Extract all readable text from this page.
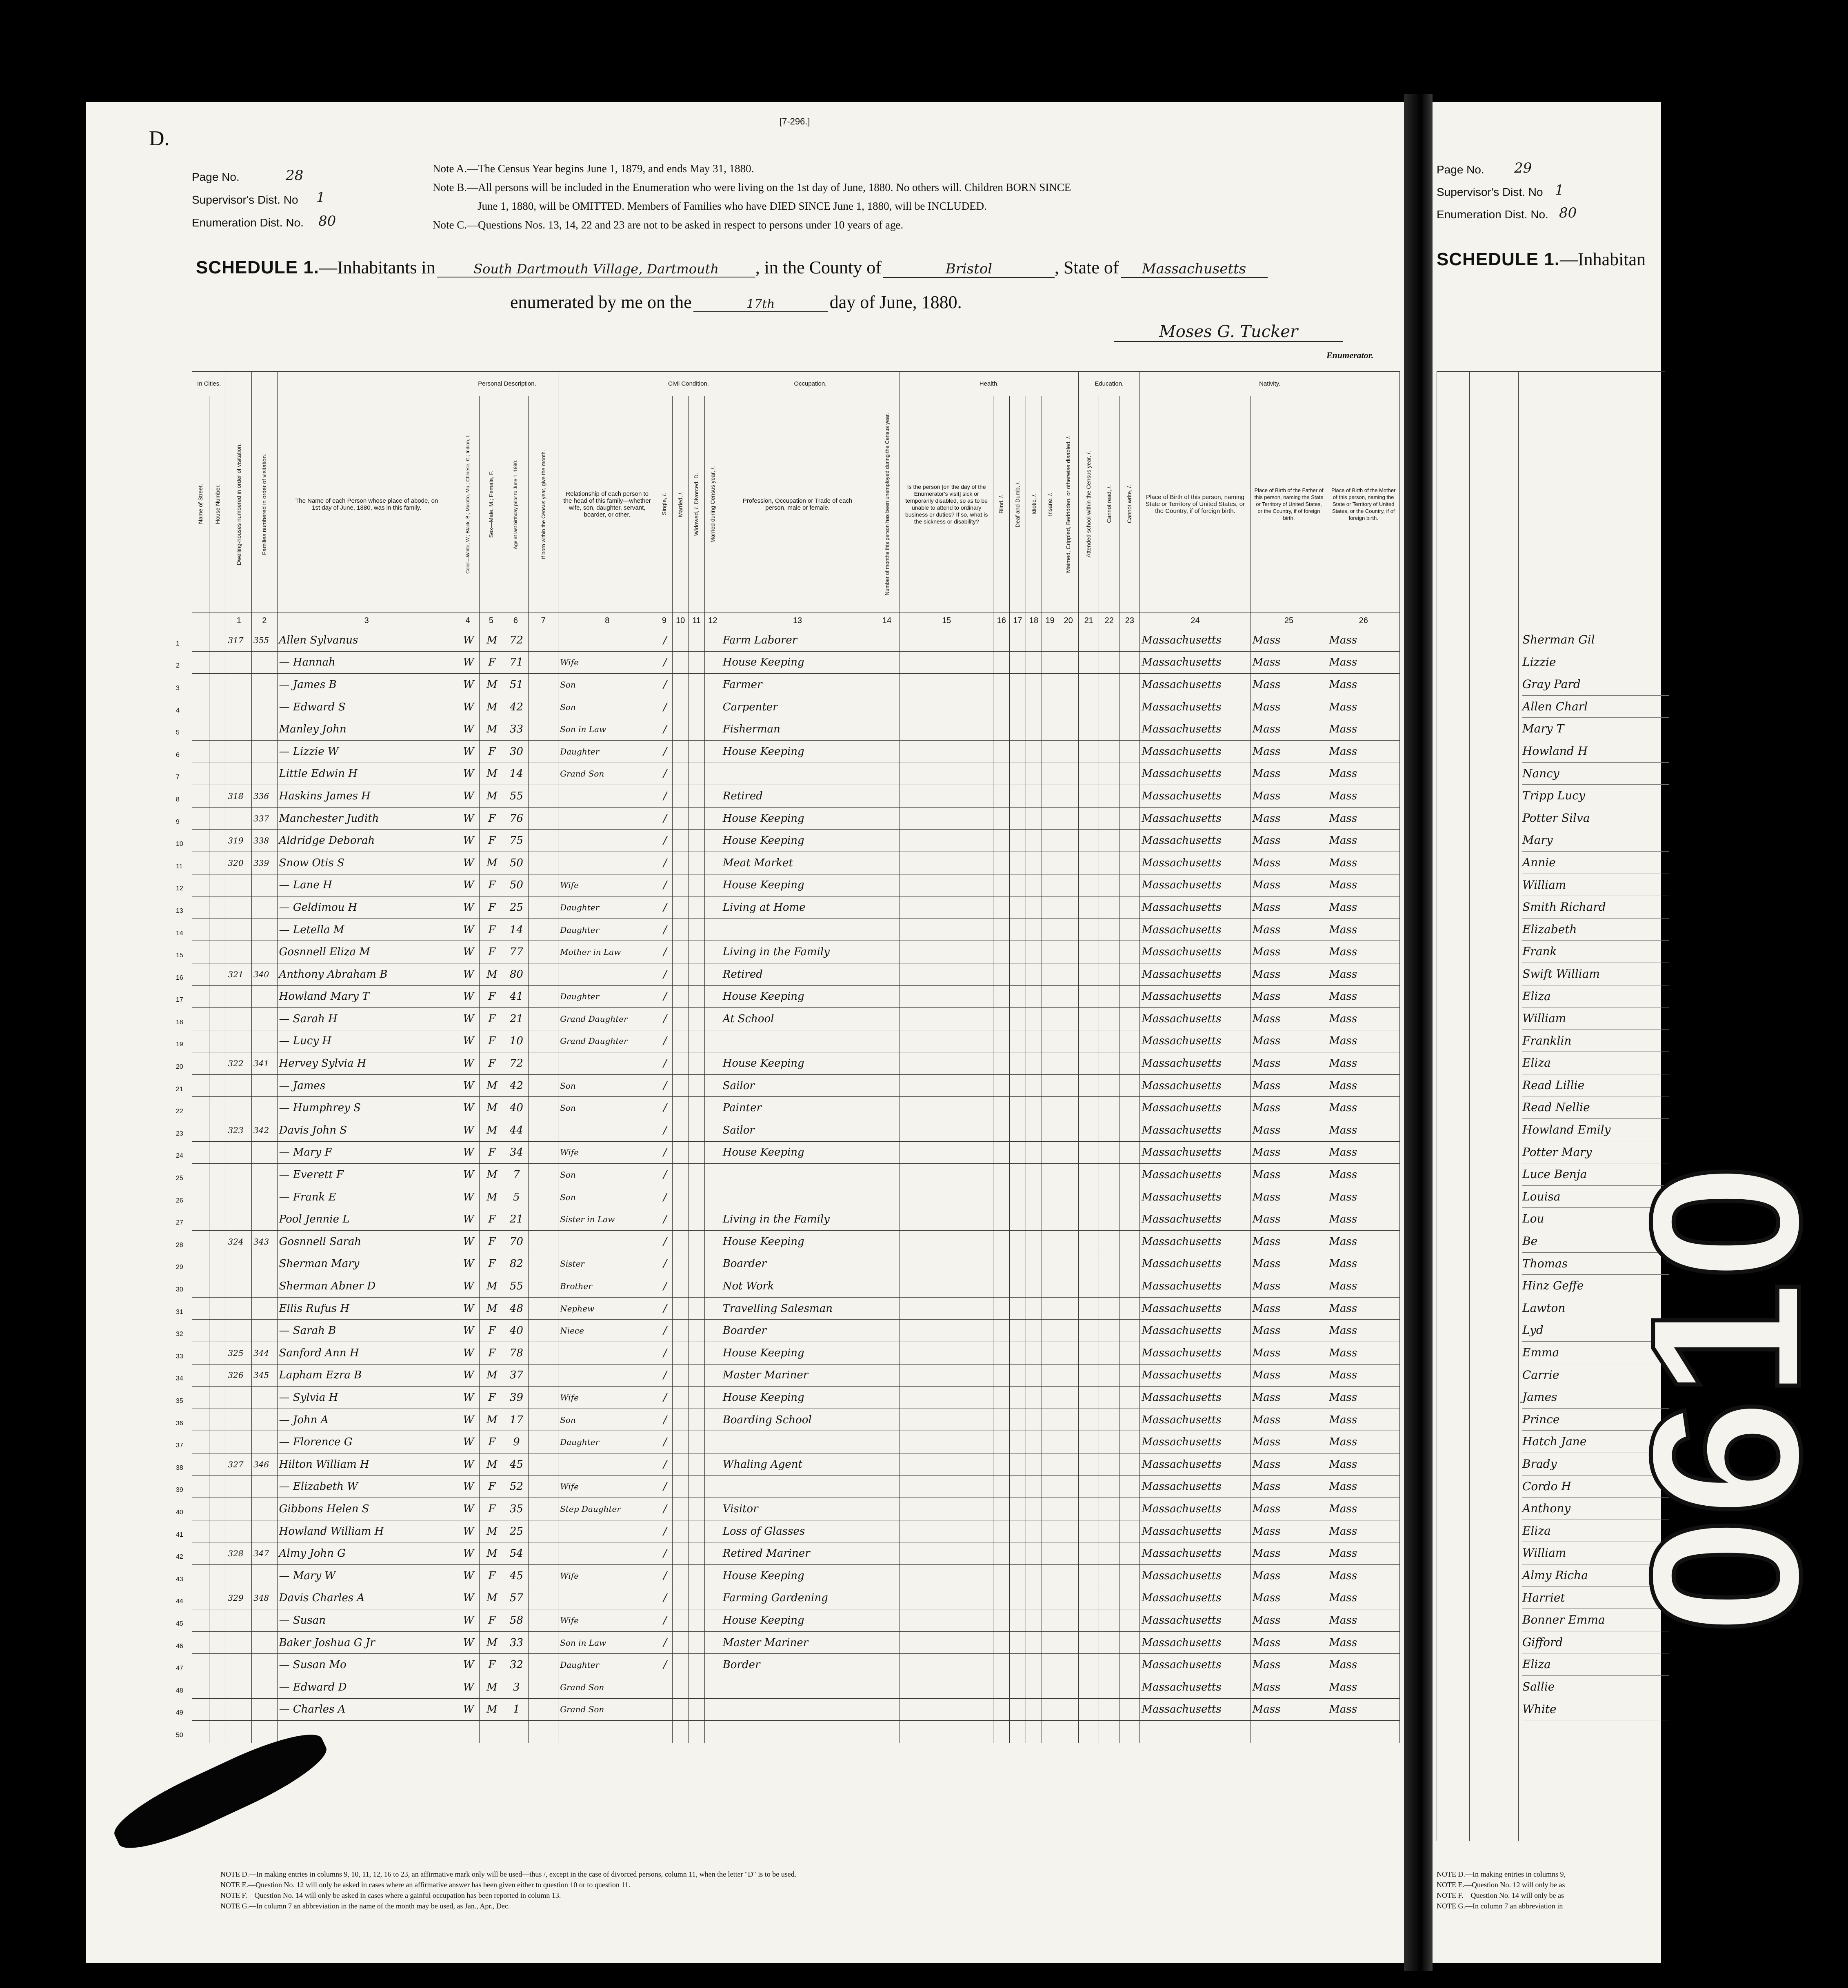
D.
[7-296.]
Page No.	28
Supervisor's Dist. No 1
Enumeration Dist. No. 80
Note A.—The Census Year begins June 1, 1879, and ends May 31, 1880.
Note B.—All persons will be included in the Enumeration who were living on the 1st day of June, 1880. No others will. Children BORN SINCE
June 1, 1880, will be OMITTED. Members of Families who have DIED SINCE June 1, 1880, will be INCLUDED.
Note C.—Questions Nos. 13, 14, 22 and 23 are not to be asked in respect to persons under 10 years of age.
SCHEDULE 1.—Inhabitants in	South Dartmouth Village, Dartmouth , in the County of	Bristol	, State of Massachusetts
enumerated by me on the	17th	day of June, 1880.
Moses G. Tucker
Enumerator.
In Cities.					Personal Description.					Civil Condition.				Occupation.		Health.						Education.			Nativity.		

Name of Street.	House Number.	Dwelling-houses numbered in order of visitation.	Families numbered in order of visitation.	The Name of each Person whose place of abode, on 1st day of June, 1880, was in this family.	Color—White, W.; Black, B.; Mulatto, Mu.; Chinese, C.; Indian, I.	Sex—Male, M.; Female, F.	Age at last birthday prior to June 1, 1880.	If born within the Census year, give the month.	Relationship of each person to the head of this family—whether wife, son, daughter, servant, boarder, or other.	Single, /.	Married, /.	Widowed, /. Divorced, D.	Married during Census year, /.	Profession, Occupation or Trade of each person, male or female.	Number of months this person has been unemployed during the Census year.	Is the person [on the day of the Enumerator's visit] sick or temporarily disabled, so as to be unable to attend to ordinary business or duties? If so, what is the sickness or disability?	Blind, /.	Deaf and Dumb, /.	Idiotic, /.	Insane, /.	Maimed, Crippled, Bedridden, or otherwise disabled, /.	Attended school within the Census year, /.	Cannot read, /.	Cannot write, /.	Place of Birth of this person, naming State or Territory of United States, or the Country, if of foreign birth.	Place of Birth of the Father of this person, naming the State or Territory of United States, or the Country, if of foreign birth.	Place of Birth of the Mother of this person, naming the State or Territory of United States, or the Country, if of foreign birth.
		1	2	3	4	5	6	7	8	9	10	11	12	13	14	15	16	17	18	19	20	21	22	23	24	25	26

1		317	355	Allen Sylvanus	W	M	72			/				Farm Laborer											Massachusetts	Mass	Mass

2				— Hannah	W	F	71		Wife	/				House Keeping											Massachusetts	Mass	Mass

3				— James B	W	M	51		Son	/				Farmer											Massachusetts	Mass	Mass

4				— Edward S	W	M	42		Son	/				Carpenter											Massachusetts	Mass	Mass

5				Manley John	W	M	33		Son in Law	/				Fisherman											Massachusetts	Mass	Mass

6				— Lizzie W	W	F	30		Daughter	/				House Keeping											Massachusetts	Mass	Mass

7				Little Edwin H	W	M	14		Grand Son	/															Massachusetts	Mass	Mass

8		318	336	Haskins James H	W	M	55			/				Retired											Massachusetts	Mass	Mass

9			337	Manchester Judith	W	F	76			/				House Keeping											Massachusetts	Mass	Mass

10		319	338	Aldridge Deborah	W	F	75			/				House Keeping											Massachusetts	Mass	Mass

11		320	339	Snow Otis S	W	M	50			/				Meat Market											Massachusetts	Mass	Mass

12				— Lane H	W	F	50		Wife	/				House Keeping											Massachusetts	Mass	Mass

13				— Geldimou H	W	F	25		Daughter	/				Living at Home											Massachusetts	Mass	Mass

14				— Letella M	W	F	14		Daughter	/															Massachusetts	Mass	Mass

15				Gosnnell Eliza M	W	F	77		Mother in Law	/				Living in the Family											Massachusetts	Mass	Mass

16		321	340	Anthony Abraham B	W	M	80			/				Retired											Massachusetts	Mass	Mass

17				Howland Mary T	W	F	41		Daughter	/				House Keeping											Massachusetts	Mass	Mass

18				— Sarah H	W	F	21		Grand Daughter	/				At School											Massachusetts	Mass	Mass

19				— Lucy H	W	F	10		Grand Daughter	/															Massachusetts	Mass	Mass

20		322	341	Hervey Sylvia H	W	F	72			/				House Keeping											Massachusetts	Mass	Mass

21				— James	W	M	42		Son	/				Sailor											Massachusetts	Mass	Mass

22				— Humphrey S	W	M	40		Son	/				Painter											Massachusetts	Mass	Mass

23		323	342	Davis John S	W	M	44			/				Sailor											Massachusetts	Mass	Mass

24				— Mary F	W	F	34		Wife	/				House Keeping											Massachusetts	Mass	Mass

25				— Everett F	W	M	7		Son	/															Massachusetts	Mass	Mass

26				— Frank E	W	M	5		Son	/															Massachusetts	Mass	Mass

27				Pool Jennie L	W	F	21		Sister in Law	/				Living in the Family											Massachusetts	Mass	Mass

28		324	343	Gosnnell Sarah	W	F	70			/				House Keeping											Massachusetts	Mass	Mass

29				Sherman Mary	W	F	82		Sister	/				Boarder											Massachusetts	Mass	Mass

30				Sherman Abner D	W	M	55		Brother	/				Not Work											Massachusetts	Mass	Mass

31				Ellis Rufus H	W	M	48		Nephew	/				Travelling Salesman											Massachusetts	Mass	Mass

32				— Sarah B	W	F	40		Niece	/				Boarder											Massachusetts	Mass	Mass

33		325	344	Sanford Ann H	W	F	78			/				House Keeping											Massachusetts	Mass	Mass

34		326	345	Lapham Ezra B	W	M	37			/				Master Mariner											Massachusetts	Mass	Mass

35				— Sylvia H	W	F	39		Wife	/				House Keeping											Massachusetts	Mass	Mass

36				— John A	W	M	17		Son	/				Boarding School											Massachusetts	Mass	Mass

37				— Florence G	W	F	9		Daughter	/															Massachusetts	Mass	Mass

38		327	346	Hilton William H	W	M	45			/				Whaling Agent											Massachusetts	Mass	Mass

39				— Elizabeth W	W	F	52		Wife	/															Massachusetts	Mass	Mass

40				Gibbons Helen S	W	F	35		Step Daughter	/				Visitor											Massachusetts	Mass	Mass

41				Howland William H	W	M	25			/				Loss of Glasses											Massachusetts	Mass	Mass

42		328	347	Almy John G	W	M	54			/				Retired Mariner											Massachusetts	Mass	Mass

43				— Mary W	W	F	45		Wife	/				House Keeping											Massachusetts	Mass	Mass

44		329	348	Davis Charles A	W	M	57			/				Farming Gardening											Massachusetts	Mass	Mass

45				— Susan	W	F	58		Wife	/				House Keeping											Massachusetts	Mass	Mass

46				Baker Joshua G Jr	W	M	33		Son in Law	/				Master Mariner											Massachusetts	Mass	Mass

47				— Susan Mo	W	F	32		Daughter	/				Border											Massachusetts	Mass	Mass

48				— Edward D	W	M	3		Grand Son																Massachusetts	Mass	Mass

49				— Charles A	W	M	1		Grand Son																Massachusetts	Mass	Mass

50																											

NOTE D.—In making entries in columns 9, 10, 11, 12, 16 to 23, an affirmative mark only will be used—thus /, except in the case of divorced persons, column 11, when the letter "D" is to be used.
NOTE E.—Question No. 12 will only be asked in cases where an affirmative answer has been given either to question 10 or to question 11.
NOTE F.—Question No. 14 will only be asked in cases where a gainful occupation has been reported in column 13.
NOTE G.—In column 7 an abbreviation in the name of the month may be used, as Jan., Apr., Dec.
Page No. 29
Supervisor's Dist. No 1
Enumeration Dist. No. 80
SCHEDULE 1.—Inhabitan
Sherman Gil
Lizzie
Gray Pard
Allen Charl
Mary T
Howland H
Nancy
Tripp Lucy
Potter Silva
Mary
Annie
William
Smith Richard
Elizabeth
Frank
Swift William
Eliza
William
Franklin
Eliza
Read Lillie
Read Nellie
Howland Emily
Potter Mary
Luce Benja
Louisa
Lou
Be
Thomas
Hinz Geffe
Lawton
Lyd
Emma
Carrie
James
Prince
Hatch Jane
Brady
Cordo H
Anthony
Eliza
William
Almy Richa
Harriet
Bonner Emma
Gifford
Eliza
Sallie
White
NOTE D.—In making entries in columns 9,
NOTE E.—Question No. 12 will only be as
NOTE F.—Question No. 14 will only be as
NOTE G.—In column 7 an abbreviation in
0610
